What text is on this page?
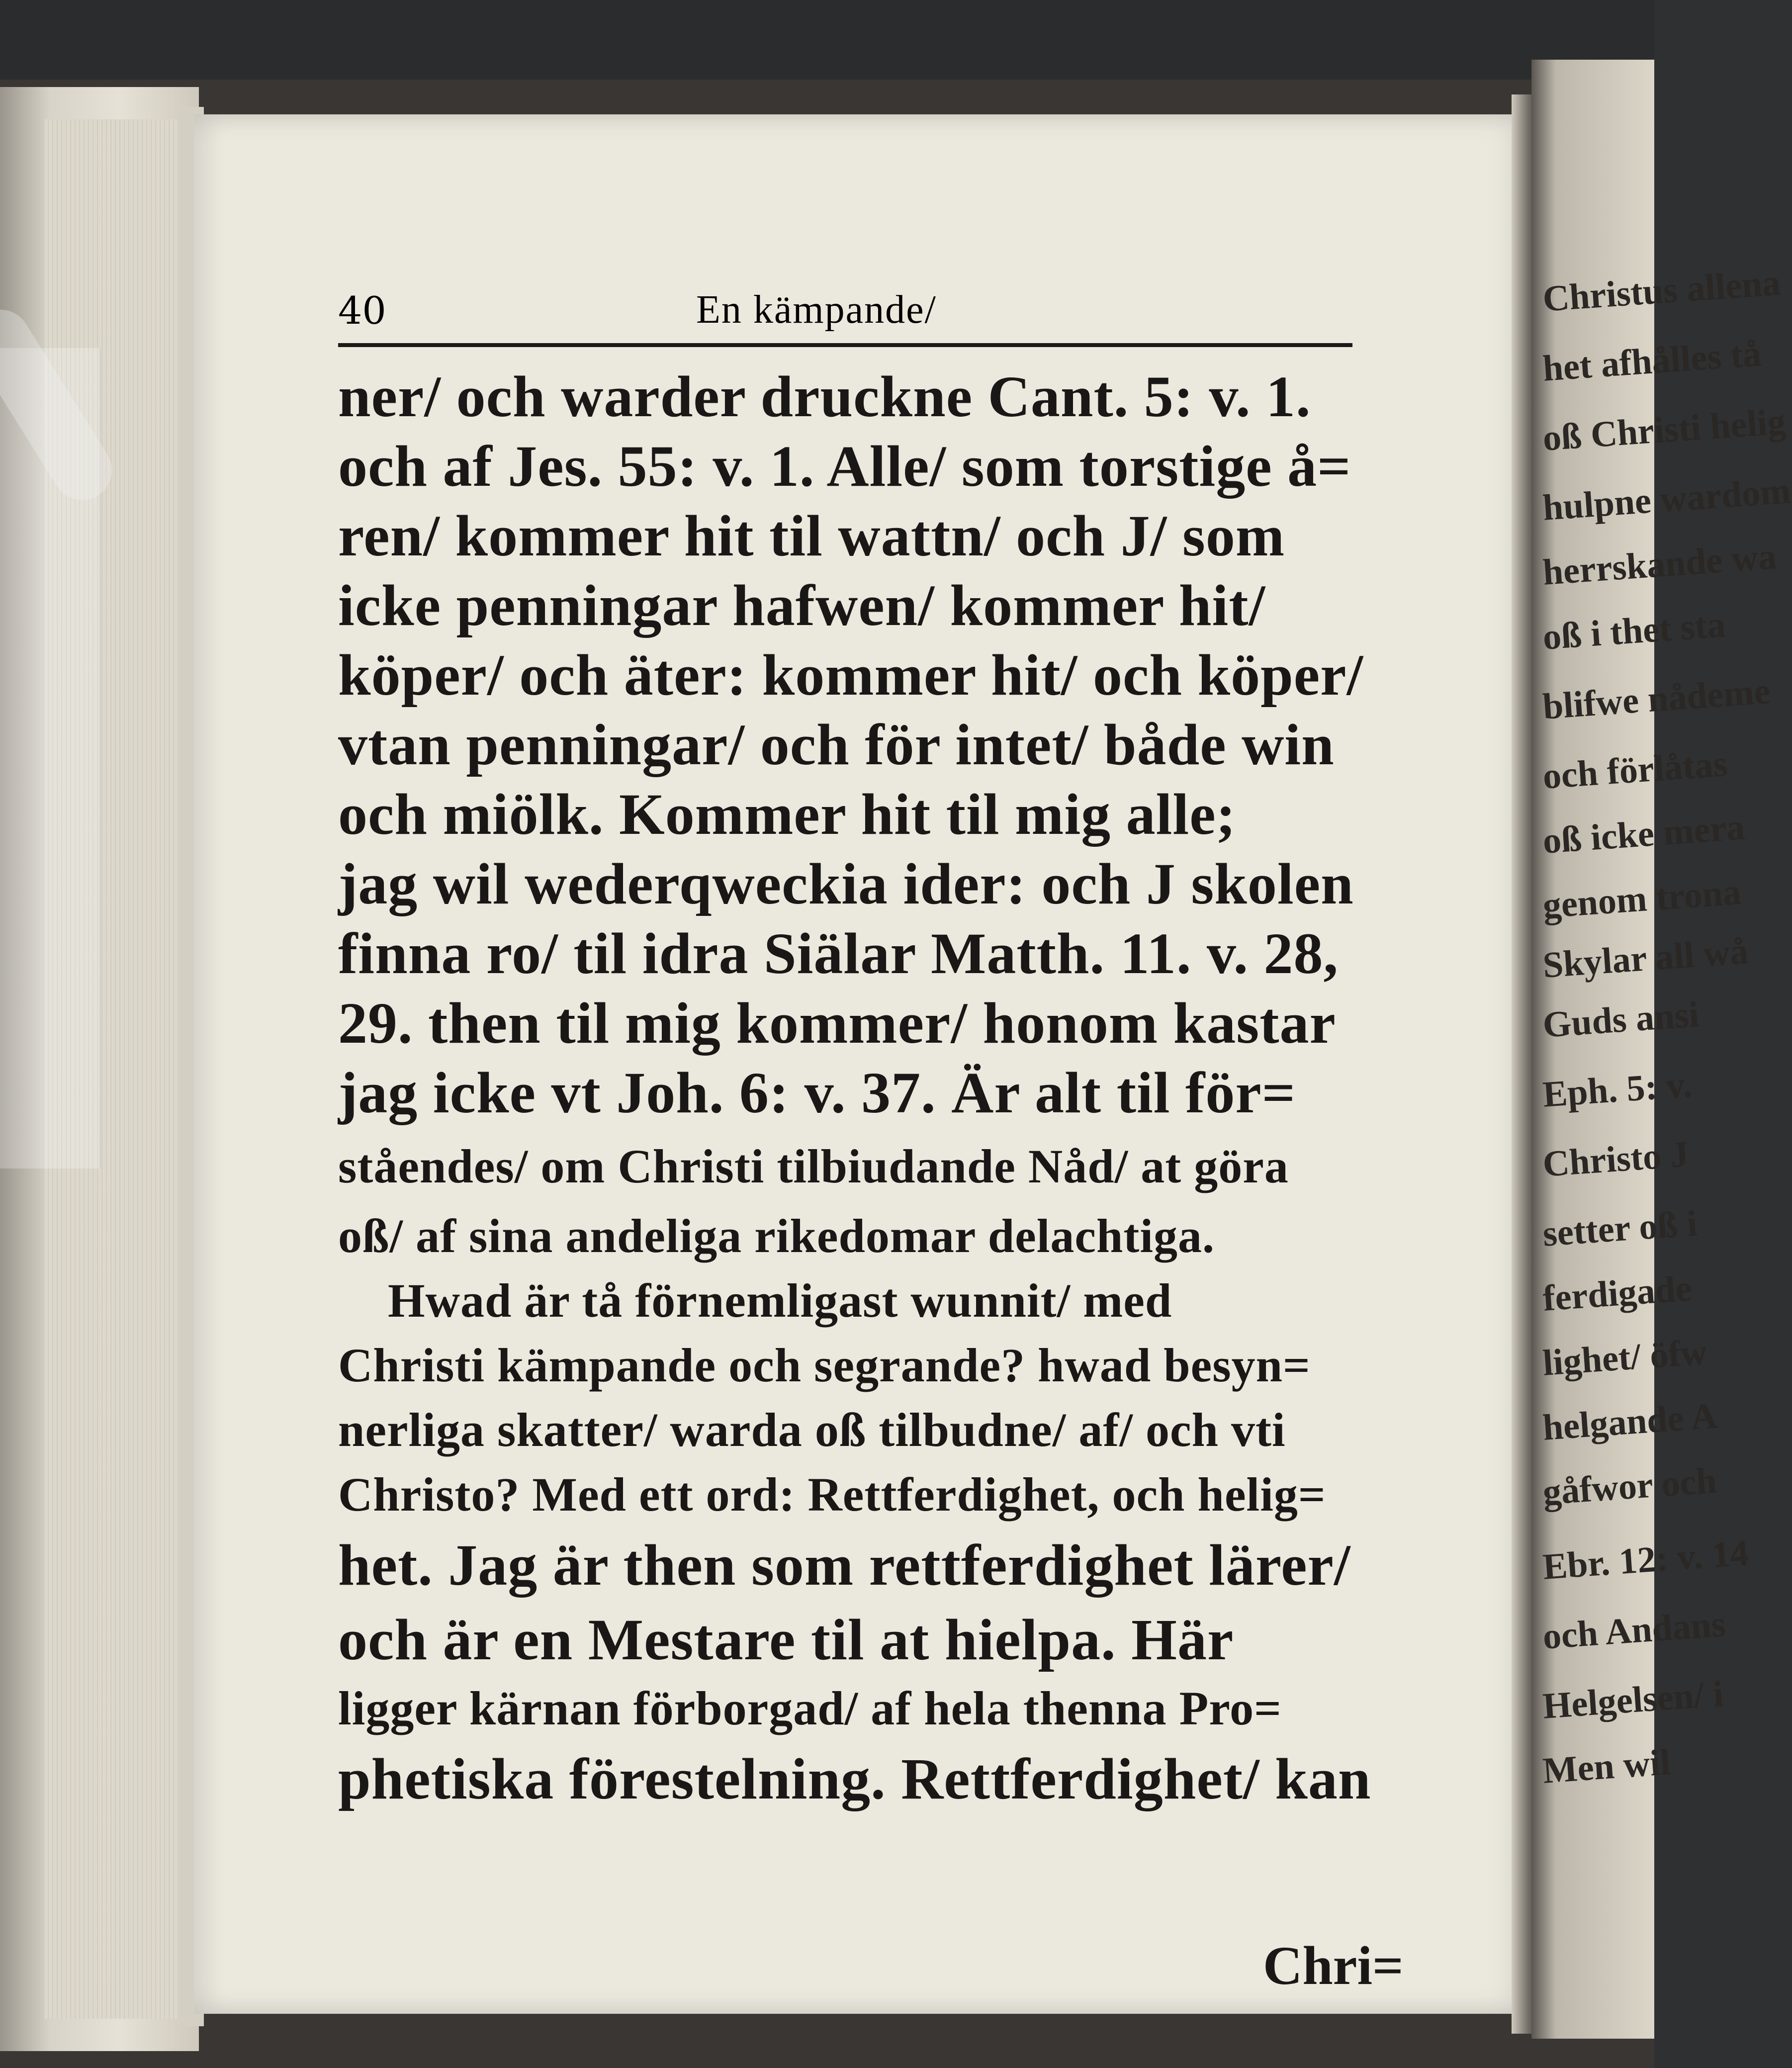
40	En kämpande/
ner/ och warder druckne Cant. 5: v. 1.
och af Jes. 55: v. 1. Alle/ som torstige å=
ren/ kommer hit til wattn/ och J/ som
icke penningar hafwen/ kommer hit/
köper/ och äter: kommer hit/ och köper/
vtan penningar/ och för intet/ både win
och miölk. Kommer hit til mig alle;
jag wil wederqweckia ider: och J skolen
finna ro/ til idra Siälar Matth. 11. v. 28,
29. then til mig kommer/ honom kastar
jag icke vt Joh. 6: v. 37. Är alt til för=
ståendes/ om Christi tilbiudande Nåd/ at göra
oß/ af sina andeliga rikedomar delachtiga.
Hwad är tå förnemligast wunnit/ med
Christi kämpande och segrande? hwad besyn=
nerliga skatter/ warda oß tilbudne/ af/ och vti
Christo? Med ett ord: Rettferdighet, och helig=
het. Jag är then som rettferdighet lärer/
och är en Mestare til at hielpa. Här
ligger kärnan förborgad/ af hela thenna Pro=
phetiska förestelning. Rettferdighet/ kan
Chri=
Christus allena
het afhålles tå
oß Christi helig
hulpne wardom
herrskande wa
oß i thet sta
blifwe nådeme
och förlåtas
oß icke mera
genom trona
Skylar all wå
Guds ansi
Eph. 5: v.
Christo J
setter oß i
ferdigade
lighet/ öfw
helgande A
gåfwor och
Ebr. 12: v. 14
och Andans
Helgelsen/ i
Men wil
